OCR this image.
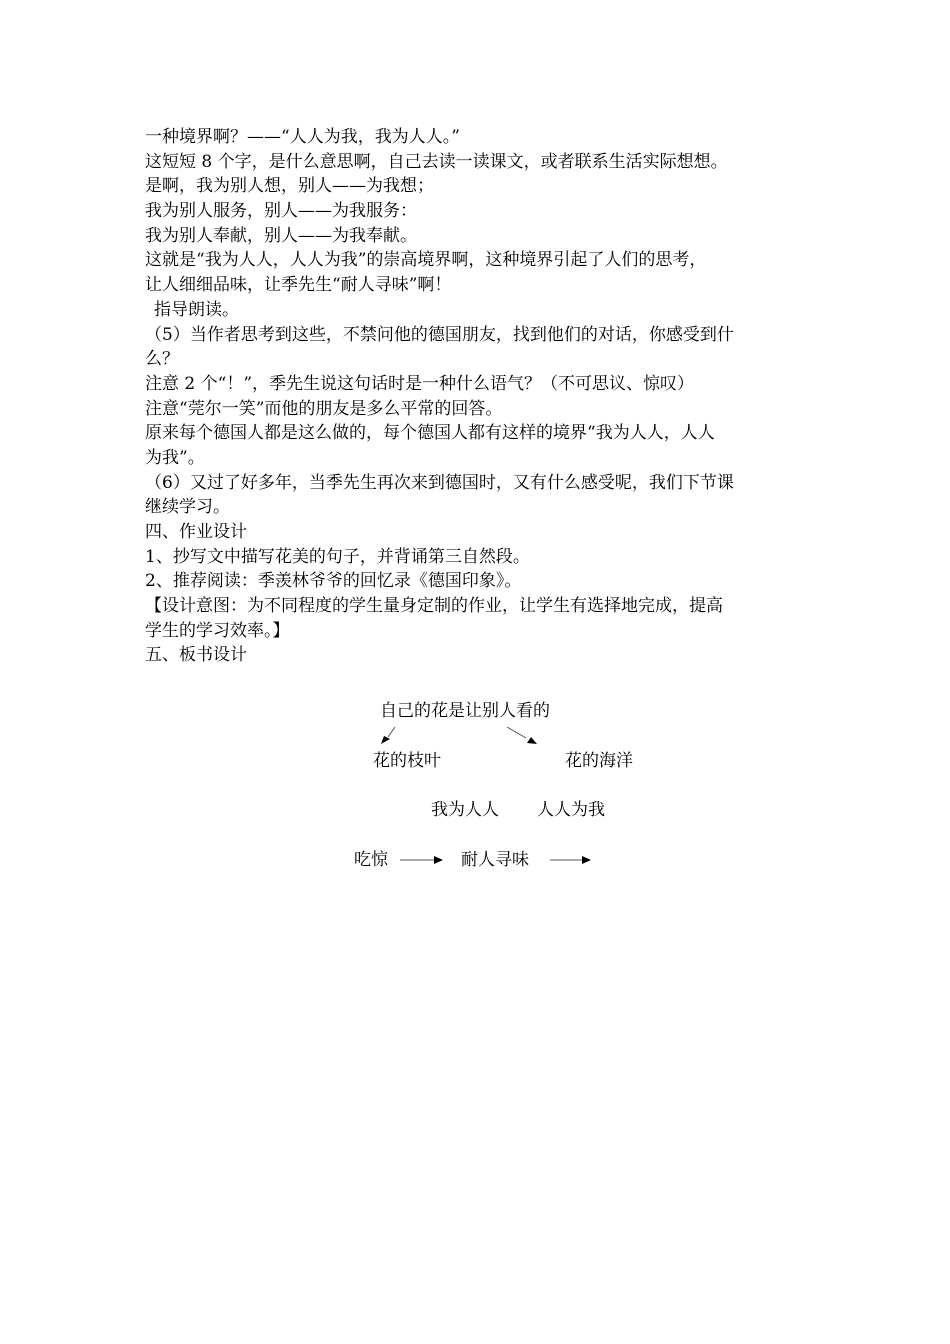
一种境界啊？——“人人为我，我为人人。”
这短短 8 个字，是什么意思啊，自己去读一读课文，或者联系生活实际想想。
是啊，我为别人想，别人——为我想；
我为别人服务，别人——为我服务：
我为别人奉献，别人——为我奉献。
这就是“我为人人，人人为我”的崇高境界啊，这种境界引起了人们的思考，
让人细细品味，让季先生“耐人寻味”啊！
指导朗读。
（5）当作者思考到这些，不禁问他的德国朋友，找到他们的对话，你感受到什
么？
注意 2 个“！”，季先生说这句话时是一种什么语气？（不可思议、惊叹）
注意“莞尔一笑”而他的朋友是多么平常的回答。
原来每个德国人都是这么做的，每个德国人都有这样的境界“我为人人，人人
为我”。
（6）又过了好多年，当季先生再次来到德国时，又有什么感受呢，我们下节课
继续学习。
四、作业设计
1、抄写文中描写花美的句子，并背诵第三自然段。
2、推荐阅读：季羡林爷爷的回忆录《德国印象》。
【设计意图：为不同程度的学生量身定制的作业，让学生有选择地完成，提高
学生的学习效率。】
五、板书设计
自己的花是让别人看的
花的枝叶	花的海洋
我为人人 人人为我
吃惊	耐人寻味
